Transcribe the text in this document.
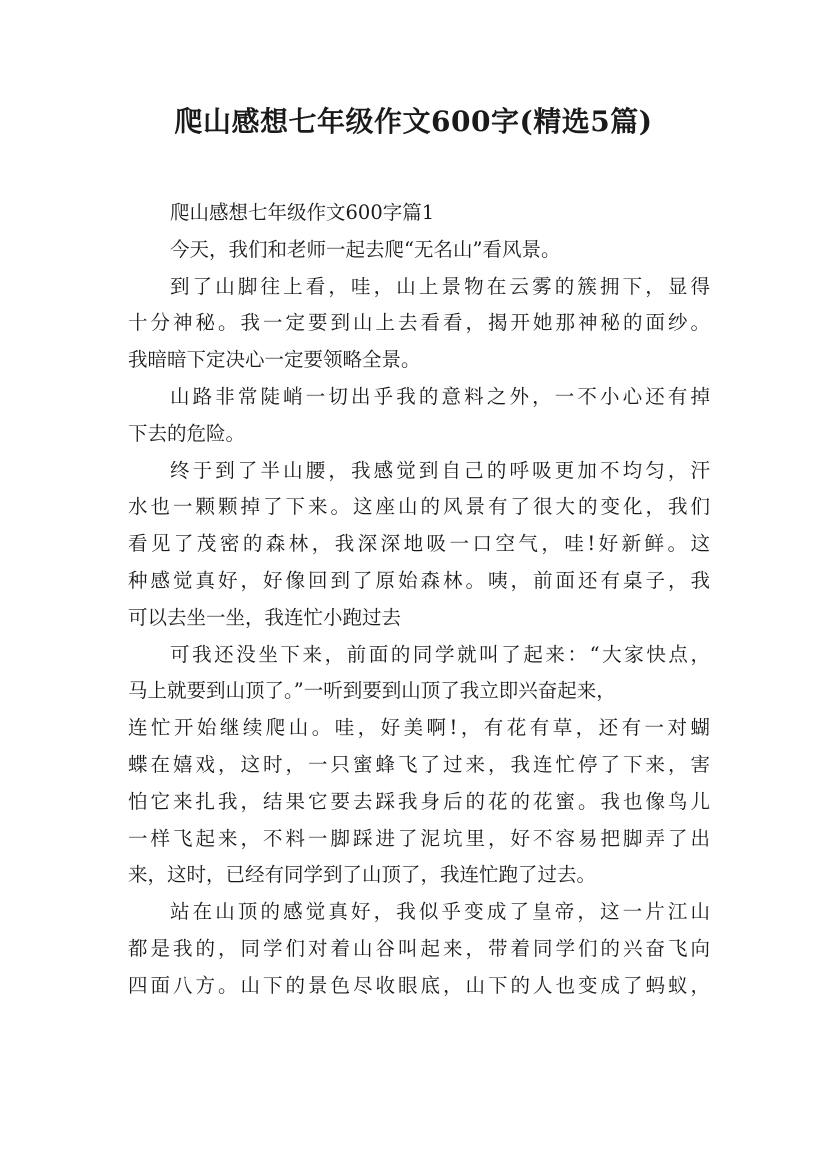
爬山感想七年级作文600字(精选5篇)
爬山感想七年级作文600字篇1
今天，我们和老师一起去爬“无名山”看风景。
到了山脚往上看，哇，山上景物在云雾的簇拥下，显得
十分神秘。我一定要到山上去看看，揭开她那神秘的面纱。
我暗暗下定决心一定要领略全景。
山路非常陡峭一切出乎我的意料之外，一不小心还有掉
下去的危险。
终于到了半山腰，我感觉到自己的呼吸更加不均匀，汗
水也一颗颗掉了下来。这座山的风景有了很大的变化，我们
看见了茂密的森林，我深深地吸一口空气，哇!好新鲜。这
种感觉真好，好像回到了原始森林。咦，前面还有桌子，我
可以去坐一坐，我连忙小跑过去
可我还没坐下来，前面的同学就叫了起来：“大家快点，
马上就要到山顶了。”一听到要到山顶了我立即兴奋起来，
连忙开始继续爬山。哇，好美啊!，有花有草，还有一对蝴
蝶在嬉戏，这时，一只蜜蜂飞了过来，我连忙停了下来，害
怕它来扎我，结果它要去踩我身后的花的花蜜。我也像鸟儿
一样飞起来，不料一脚踩进了泥坑里，好不容易把脚弄了出
来，这时，已经有同学到了山顶了，我连忙跑了过去。
站在山顶的感觉真好，我似乎变成了皇帝，这一片江山
都是我的，同学们对着山谷叫起来，带着同学们的兴奋飞向
四面八方。山下的景色尽收眼底，山下的人也变成了蚂蚁，
